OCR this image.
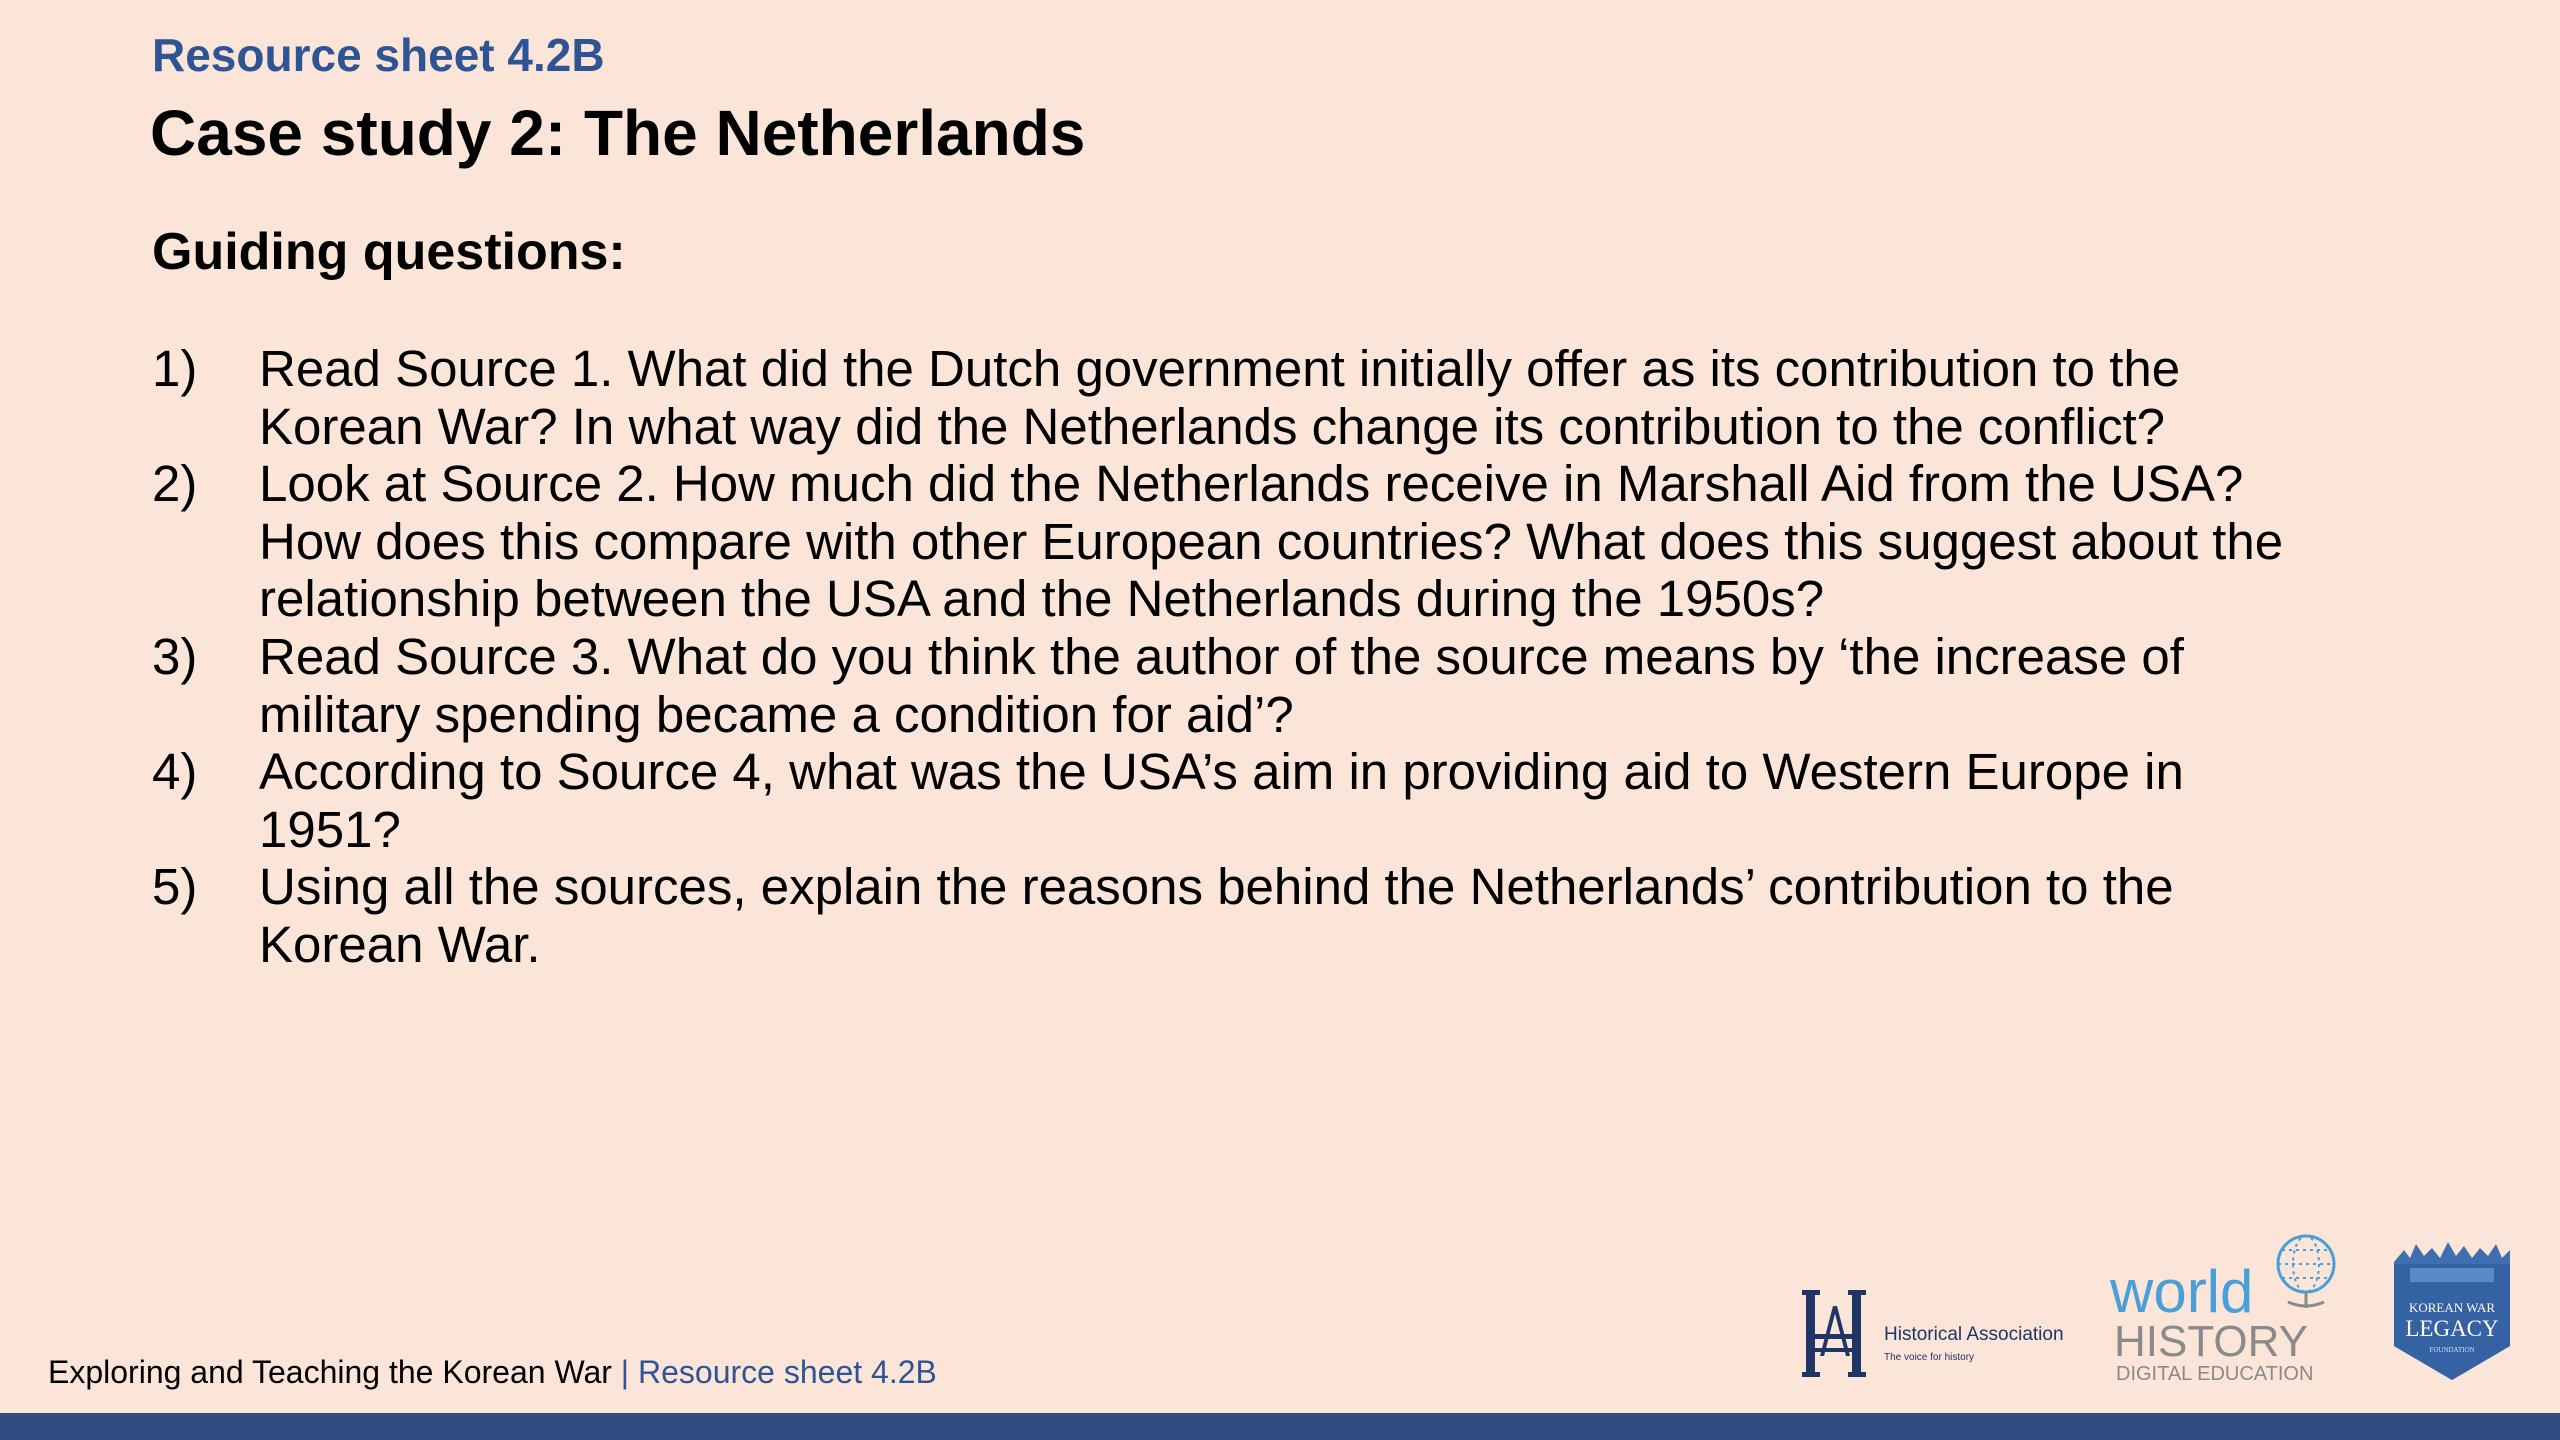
Resource sheet 4.2B
Case study 2: The Netherlands
Guiding questions:
1) Read Source 1. What did the Dutch government initially offer as its contribution to the Korean War? In what way did the Netherlands change its contribution to the conflict?
2) Look at Source 2. How much did the Netherlands receive in Marshall Aid from the USA? How does this compare with other European countries? What does this suggest about the relationship between the USA and the Netherlands during the 1950s?
3) Read Source 3. What do you think the author of the source means by ‘the increase of military spending became a condition for aid’?
4) According to Source 4, what was the USA’s aim in providing aid to Western Europe in 1951?
5) Using all the sources, explain the reasons behind the Netherlands’ contribution to the Korean War.
Exploring and Teaching the Korean War | Resource sheet 4.2B
Historical Association
The voice for history
world
HISTORY
DIGITAL EDUCATION
KOREAN WAR
LEGACY
FOUNDATION
